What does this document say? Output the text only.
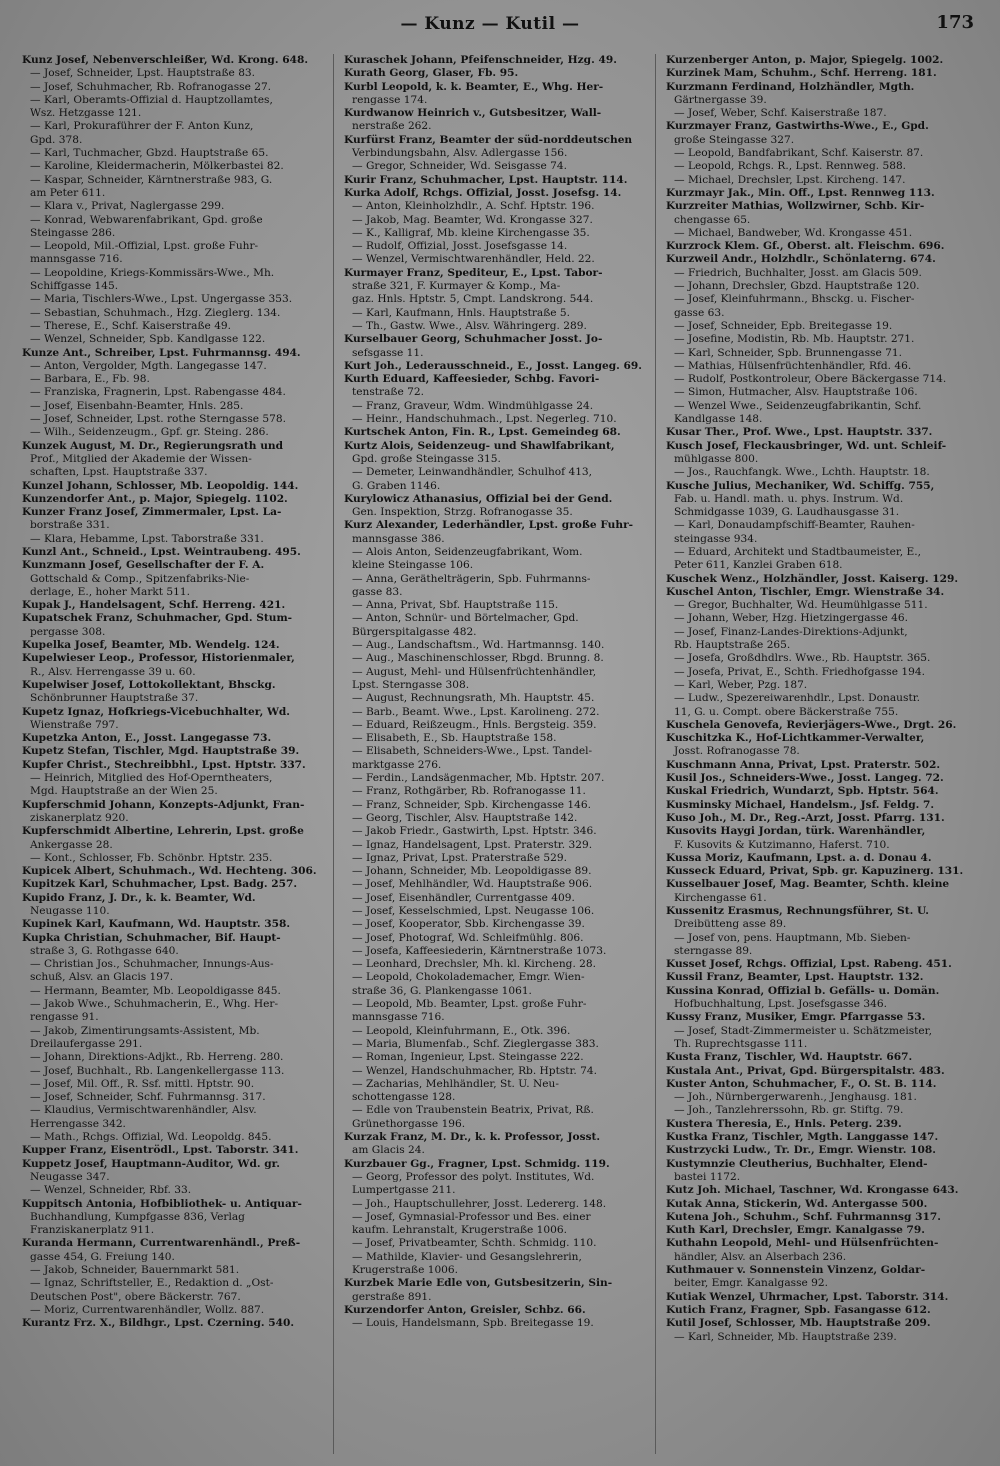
— Kunz — Kutil —	173
Kunz Josef, Nebenverschleißer, Wd. Krong. 648.
— Josef, Schneider, Lpst. Hauptstraße 83.
— Josef, Schuhmacher, Rb. Rofranogasse 27.
— Karl, Oberamts-Offizial d. Hauptzollamtes,
Wsz. Hetzgasse 121.
— Karl, Prokuraführer der F. Anton Kunz,
Gpd. 378.
— Karl, Tuchmacher, Gbzd. Hauptstraße 65.
— Karoline, Kleidermacherin, Mölkerbastei 82.
— Kaspar, Schneider, Kärntnerstraße 983, G.
am Peter 611.
— Klara v., Privat, Naglergasse 299.
— Konrad, Webwarenfabrikant, Gpd. große
Steingasse 286.
— Leopold, Mil.-Offizial, Lpst. große Fuhr-
mannsgasse 716.
— Leopoldine, Kriegs-Kommissärs-Wwe., Mh.
Schiffgasse 145.
— Maria, Tischlers-Wwe., Lpst. Ungergasse 353.
— Sebastian, Schuhmach., Hzg. Zieglerg. 134.
— Therese, E., Schf. Kaiserstraße 49.
— Wenzel, Schneider, Spb. Kandlgasse 122.
Kunze Ant., Schreiber, Lpst. Fuhrmannsg. 494.
— Anton, Vergolder, Mgth. Langegasse 147.
— Barbara, E., Fb. 98.
— Franziska, Fragnerin, Lpst. Rabengasse 484.
— Josef, Eisenbahn-Beamter, Hnls. 285.
— Josef, Schneider, Lpst. rothe Sterngasse 578.
— Wilh., Seidenzeugm., Gpf. gr. Steing. 286.
Kunzek August, M. Dr., Regierungsrath und
Prof., Mitglied der Akademie der Wissen-
schaften, Lpst. Hauptstraße 337.
Kunzel Johann, Schlosser, Mb. Leopoldig. 144.
Kunzendorfer Ant., p. Major, Spiegelg. 1102.
Kunzer Franz Josef, Zimmermaler, Lpst. La-
borstraße 331.
— Klara, Hebamme, Lpst. Taborstraße 331.
Kunzl Ant., Schneid., Lpst. Weintraubeng. 495.
Kunzmann Josef, Gesellschafter der F. A.
Gottschald & Comp., Spitzenfabriks-Nie-
derlage, E., hoher Markt 511.
Kupak J., Handelsagent, Schf. Herreng. 421.
Kupatschek Franz, Schuhmacher, Gpd. Stum-
pergasse 308.
Kupelka Josef, Beamter, Mb. Wendelg. 124.
Kupelwieser Leop., Professor, Historienmaler,
R., Alsv. Herrengasse 39 u. 60.
Kupelwiser Josef, Lottokollektant, Bhsckg.
Schönbrunner Hauptstraße 37.
Kupetz Ignaz, Hofkriegs-Vicebuchhalter, Wd.
Wienstraße 797.
Kupetzka Anton, E., Josst. Langegasse 73.
Kupetz Stefan, Tischler, Mgd. Hauptstraße 39.
Kupfer Christ., Stechreibbhl., Lpst. Hptstr. 337.
— Heinrich, Mitglied des Hof-Operntheaters,
Mgd. Hauptstraße an der Wien 25.
Kupferschmid Johann, Konzepts-Adjunkt, Fran-
ziskanerplatz 920.
Kupferschmidt Albertine, Lehrerin, Lpst. große
Ankergasse 28.
— Kont., Schlosser, Fb. Schönbr. Hptstr. 235.
Kupicek Albert, Schuhmach., Wd. Hechteng. 306.
Kupitzek Karl, Schuhmacher, Lpst. Badg. 257.
Kupido Franz, J. Dr., k. k. Beamter, Wd.
Neugasse 110.
Kupinek Karl, Kaufmann, Wd. Hauptstr. 358.
Kupka Christian, Schuhmacher, Bif. Haupt-
straße 3, G. Rothgasse 640.
— Christian Jos., Schuhmacher, Innungs-Aus-
schuß, Alsv. an Glacis 197.
— Hermann, Beamter, Mb. Leopoldigasse 845.
— Jakob Wwe., Schuhmacherin, E., Whg. Her-
rengasse 91.
— Jakob, Zimentirungsamts-Assistent, Mb.
Dreilaufergasse 291.
— Johann, Direktions-Adjkt., Rb. Herreng. 280.
— Josef, Buchhalt., Rb. Langenkellergasse 113.
— Josef, Mil. Off., R. Ssf. mittl. Hptstr. 90.
— Josef, Schneider, Schf. Fuhrmannsg. 317.
— Klaudius, Vermischtwarenhändler, Alsv.
Herrengasse 342.
— Math., Rchgs. Offizial, Wd. Leopoldg. 845.
Kupper Franz, Eisentrödl., Lpst. Taborstr. 341.
Kuppetz Josef, Hauptmann-Auditor, Wd. gr.
Neugasse 347.
— Wenzel, Schneider, Rbf. 33.
Kuppitsch Antonia, Hofbibliothek- u. Antiquar-
Buchhandlung, Kumpfgasse 836, Verlag
Franziskanerplatz 911.
Kuranda Hermann, Currentwarenhändl., Preß-
gasse 454, G. Freiung 140.
— Jakob, Schneider, Bauernmarkt 581.
— Ignaz, Schriftsteller, E., Redaktion d. „Ost-
Deutschen Post", obere Bäckerstr. 767.
— Moriz, Currentwarenhändler, Wollz. 887.
Kurantz Frz. X., Bildhgr., Lpst. Czerning. 540.
Kuraschek Johann, Pfeifenschneider, Hzg. 49.
Kurath Georg, Glaser, Fb. 95.
Kurbl Leopold, k. k. Beamter, E., Whg. Her-
rengasse 174.
Kurdwanow Heinrich v., Gutsbesitzer, Wall-
nerstraße 262.
Kurfürst Franz, Beamter der süd-norddeutschen
Verbindungsbahn, Alsv. Adlergasse 156.
— Gregor, Schneider, Wd. Seisgasse 74.
Kurir Franz, Schuhmacher, Lpst. Hauptstr. 114.
Kurka Adolf, Rchgs. Offizial, Josst. Josefsg. 14.
— Anton, Kleinholzhdlr., A. Schf. Hptstr. 196.
— Jakob, Mag. Beamter, Wd. Krongasse 327.
— K., Kalligraf, Mb. kleine Kirchengasse 35.
— Rudolf, Offizial, Josst. Josefsgasse 14.
— Wenzel, Vermischtwarenhändler, Held. 22.
Kurmayer Franz, Spediteur, E., Lpst. Tabor-
straße 321, F. Kurmayer & Komp., Ma-
gaz. Hnls. Hptstr. 5, Cmpt. Landskrong. 544.
— Karl, Kaufmann, Hnls. Hauptstraße 5.
— Th., Gastw. Wwe., Alsv. Währingerg. 289.
Kurselbauer Georg, Schuhmacher Josst. Jo-
sefsgasse 11.
Kurt Joh., Lederausschneid., E., Josst. Langeg. 69.
Kurth Eduard, Kaffeesieder, Schbg. Favori-
tenstraße 72.
— Franz, Graveur, Wdm. Windmühlgasse 24.
— Heinr., Handschuhmach., Lpst. Negerleg. 710.
Kurtschek Anton, Fin. R., Lpst. Gemeindeg 68.
Kurtz Alois, Seidenzeug- und Shawlfabrikant,
Gpd. große Steingasse 315.
— Demeter, Leinwandhändler, Schulhof 413,
G. Graben 1146.
Kurylowicz Athanasius, Offizial bei der Gend.
Gen. Inspektion, Strzg. Rofranogasse 35.
Kurz Alexander, Lederhändler, Lpst. große Fuhr-
mannsgasse 386.
— Alois Anton, Seidenzeugfabrikant, Wom.
kleine Steingasse 106.
— Anna, Geräthelträgerin, Spb. Fuhrmanns-
gasse 83.
— Anna, Privat, Sbf. Hauptstraße 115.
— Anton, Schnür- und Börtelmacher, Gpd.
Bürgerspitalgasse 482.
— Aug., Landschaftsm., Wd. Hartmannsg. 140.
— Aug., Maschinenschlosser, Rbgd. Brunng. 8.
— August, Mehl- und Hülsenfrüchtenhändler,
Lpst. Sterngasse 308.
— August, Rechnungsrath, Mh. Hauptstr. 45.
— Barb., Beamt. Wwe., Lpst. Karolineng. 272.
— Eduard, Reißzeugm., Hnls. Bergsteig. 359.
— Elisabeth, E., Sb. Hauptstraße 158.
— Elisabeth, Schneiders-Wwe., Lpst. Tandel-
marktgasse 276.
— Ferdin., Landsägenmacher, Mb. Hptstr. 207.
— Franz, Rothgärber, Rb. Rofranogasse 11.
— Franz, Schneider, Spb. Kirchengasse 146.
— Georg, Tischler, Alsv. Hauptstraße 142.
— Jakob Friedr., Gastwirth, Lpst. Hptstr. 346.
— Ignaz, Handelsagent, Lpst. Praterstr. 329.
— Ignaz, Privat, Lpst. Praterstraße 529.
— Johann, Schneider, Mb. Leopoldigasse 89.
— Josef, Mehlhändler, Wd. Hauptstraße 906.
— Josef, Eisenhändler, Currentgasse 409.
— Josef, Kesselschmied, Lpst. Neugasse 106.
— Josef, Kooperator, Sbb. Kirchengasse 39.
— Josef, Photograf, Wd. Schleifmühlg. 806.
— Josefa, Kaffeesiederin, Kärntnerstraße 1073.
— Leonhard, Drechsler, Mh. kl. Kircheng. 28.
— Leopold, Chokolademacher, Emgr. Wien-
straße 36, G. Plankengasse 1061.
— Leopold, Mb. Beamter, Lpst. große Fuhr-
mannsgasse 716.
— Leopold, Kleinfuhrmann, E., Otk. 396.
— Maria, Blumenfab., Schf. Zieglergasse 383.
— Roman, Ingenieur, Lpst. Steingasse 222.
— Wenzel, Handschuhmacher, Rb. Hptstr. 74.
— Zacharias, Mehlhändler, St. U. Neu-
schottengasse 128.
— Edle von Traubenstein Beatrix, Privat, Rß.
Grünethorgasse 196.
Kurzak Franz, M. Dr., k. k. Professor, Josst.
am Glacis 24.
Kurzbauer Gg., Fragner, Lpst. Schmidg. 119.
— Georg, Professor des polyt. Institutes, Wd.
Lumpertgasse 211.
— Joh., Hauptschullehrer, Josst. Ledererg. 148.
— Josef, Gymnasial-Professor und Bes. einer
kaufm. Lehranstalt, Krugerstraße 1006.
— Josef, Privatbeamter, Schth. Schmidg. 110.
— Mathilde, Klavier- und Gesangslehrerin,
Krugerstraße 1006.
Kurzbek Marie Edle von, Gutsbesitzerin, Sin-
gerstraße 891.
Kurzendorfer Anton, Greisler, Schbz. 66.
— Louis, Handelsmann, Spb. Breitegasse 19.
Kurzenberger Anton, p. Major, Spiegelg. 1002.
Kurzinek Mam, Schuhm., Schf. Herreng. 181.
Kurzmann Ferdinand, Holzhändler, Mgth.
Gärtnergasse 39.
— Josef, Weber, Schf. Kaiserstraße 187.
Kurzmayer Franz, Gastwirths-Wwe., E., Gpd.
große Steingasse 327.
— Leopold, Bandfabrikant, Schf. Kaiserstr. 87.
— Leopold, Rchgs. R., Lpst. Rennweg. 588.
— Michael, Drechsler, Lpst. Kircheng. 147.
Kurzmayr Jak., Min. Off., Lpst. Rennweg 113.
Kurzreiter Mathias, Wollzwirner, Schb. Kir-
chengasse 65.
— Michael, Bandweber, Wd. Krongasse 451.
Kurzrock Klem. Gf., Oberst. alt. Fleischm. 696.
Kurzweil Andr., Holzhdlr., Schönlaterng. 674.
— Friedrich, Buchhalter, Josst. am Glacis 509.
— Johann, Drechsler, Gbzd. Hauptstraße 120.
— Josef, Kleinfuhrmann., Bhsckg. u. Fischer-
gasse 63.
— Josef, Schneider, Epb. Breitegasse 19.
— Josefine, Modistin, Rb. Mb. Hauptstr. 271.
— Karl, Schneider, Spb. Brunnengasse 71.
— Mathias, Hülsenfrüchtenhändler, Rfd. 46.
— Rudolf, Postkontroleur, Obere Bäckergasse 714.
— Simon, Hutmacher, Alsv. Hauptstraße 106.
— Wenzel Wwe., Seidenzeugfabrikantin, Schf.
Kandlgasse 148.
Kusar Ther., Prof. Wwe., Lpst. Hauptstr. 337.
Kusch Josef, Fleckausbringer, Wd. unt. Schleif-
mühlgasse 800.
— Jos., Rauchfangk. Wwe., Lchth. Hauptstr. 18.
Kusche Julius, Mechaniker, Wd. Schiffg. 755,
Fab. u. Handl. math. u. phys. Instrum. Wd.
Schmidgasse 1039, G. Laudhausgasse 31.
— Karl, Donaudampfschiff-Beamter, Rauhen-
steingasse 934.
— Eduard, Architekt und Stadtbaumeister, E.,
Peter 611, Kanzlei Graben 618.
Kuschek Wenz., Holzhändler, Josst. Kaiserg. 129.
Kuschel Anton, Tischler, Emgr. Wienstraße 34.
— Gregor, Buchhalter, Wd. Heumühlgasse 511.
— Johann, Weber, Hzg. Hietzingergasse 46.
— Josef, Finanz-Landes-Direktions-Adjunkt,
Rb. Hauptstraße 265.
— Josefa, Großdhdlrs. Wwe., Rb. Hauptstr. 365.
— Josefa, Privat, E., Schth. Friedhofgasse 194.
— Karl, Weber, Pzg. 187.
— Ludw., Spezereiwarenhdlr., Lpst. Donaustr.
11, G. u. Compt. obere Bäckerstraße 755.
Kuschela Genovefa, Revierjägers-Wwe., Drgt. 26.
Kuschitzka K., Hof-Lichtkammer-Verwalter,
Josst. Rofranogasse 78.
Kuschmann Anna, Privat, Lpst. Praterstr. 502.
Kusil Jos., Schneiders-Wwe., Josst. Langeg. 72.
Kuskal Friedrich, Wundarzt, Spb. Hptstr. 564.
Kusminsky Michael, Handelsm., Jsf. Feldg. 7.
Kuso Joh., M. Dr., Reg.-Arzt, Josst. Pfarrg. 131.
Kusovits Haygi Jordan, türk. Warenhändler,
F. Kusovits & Kutzimanno, Haferst. 710.
Kussa Moriz, Kaufmann, Lpst. a. d. Donau 4.
Kusseck Eduard, Privat, Spb. gr. Kapuzinerg. 131.
Kusselbauer Josef, Mag. Beamter, Schth. kleine
Kirchengasse 61.
Kussenitz Erasmus, Rechnungsführer, St. U.
Dreibütteng asse 89.
— Josef von, pens. Hauptmann, Mb. Sieben-
sterngasse 89.
Kusset Josef, Rchgs. Offizial, Lpst. Rabeng. 451.
Kussil Franz, Beamter, Lpst. Hauptstr. 132.
Kussina Konrad, Offizial b. Gefälls- u. Domän.
Hofbuchhaltung, Lpst. Josefsgasse 346.
Kussy Franz, Musiker, Emgr. Pfarrgasse 53.
— Josef, Stadt-Zimmermeister u. Schätzmeister,
Th. Ruprechtsgasse 111.
Kusta Franz, Tischler, Wd. Hauptstr. 667.
Kustala Ant., Privat, Gpd. Bürgerspitalstr. 483.
Kuster Anton, Schuhmacher, F., O. St. B. 114.
— Joh., Nürnbergerwarenh., Jenghausg. 181.
— Joh., Tanzlehrerssohn, Rb. gr. Stiftg. 79.
Kustera Theresia, E., Hnls. Peterg. 239.
Kustka Franz, Tischler, Mgth. Langgasse 147.
Kustrzycki Ludw., Tr. Dr., Emgr. Wienstr. 108.
Kustymnzie Cleutherius, Buchhalter, Elend-
bastei 1172.
Kutz Joh. Michael, Taschner, Wd. Krongasse 643.
Kutak Anna, Stickerin, Wd. Antergasse 500.
Kutena Joh., Schuhm., Schf. Fuhrmannsg 317.
Kuth Karl, Drechsler, Emgr. Kanalgasse 79.
Kuthahn Leopold, Mehl- und Hülsenfrüchten-
händler, Alsv. an Alserbach 236.
Kuthmauer v. Sonnenstein Vinzenz, Goldar-
beiter, Emgr. Kanalgasse 92.
Kutiak Wenzel, Uhrmacher, Lpst. Taborstr. 314.
Kutich Franz, Fragner, Spb. Fasangasse 612.
Kutil Josef, Schlosser, Mb. Hauptstraße 209.
— Karl, Schneider, Mb. Hauptstraße 239.
